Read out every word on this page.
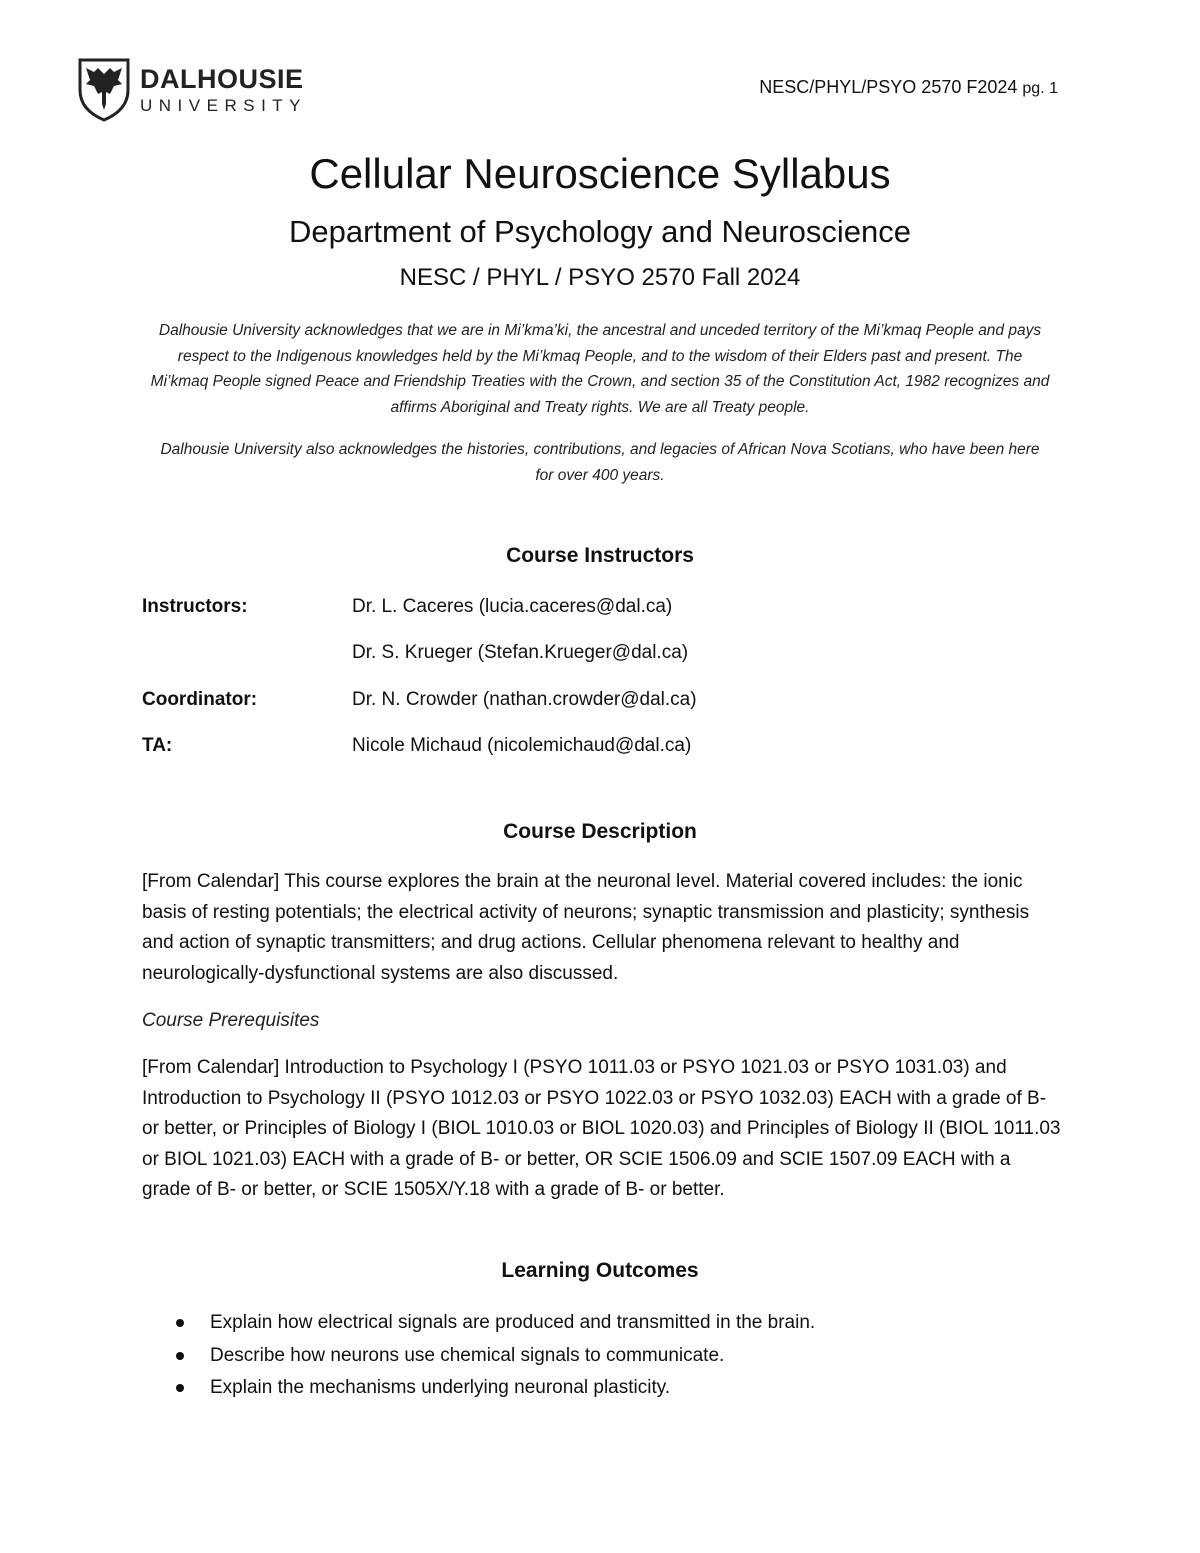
DALHOUSIE
UNIVERSITY
NESC/PHYL/PSYO 2570 F2024 pg. 1
Cellular Neuroscience Syllabus
Department of Psychology and Neuroscience
NESC / PHYL / PSYO 2570 Fall 2024
Dalhousie University acknowledges that we are in Mi’kma’ki, the ancestral and unceded territory of the Mi’kmaq People and pays respect to the Indigenous knowledges held by the Mi’kmaq People, and to the wisdom of their Elders past and present. The Mi’kmaq People signed Peace and Friendship Treaties with the Crown, and section 35 of the Constitution Act, 1982 recognizes and affirms Aboriginal and Treaty rights. We are all Treaty people.
Dalhousie University also acknowledges the histories, contributions, and legacies of African Nova Scotians, who have been here for over 400 years.
Course Instructors
Instructors:	Dr. L. Caceres (lucia.caceres@dal.ca)
Dr. S. Krueger (Stefan.Krueger@dal.ca)
Coordinator:	Dr. N. Crowder (nathan.crowder@dal.ca)
TA:	Nicole Michaud (nicolemichaud@dal.ca)
Course Description
[From Calendar] This course explores the brain at the neuronal level. Material covered includes: the ionic basis of resting potentials; the electrical activity of neurons; synaptic transmission and plasticity; synthesis and action of synaptic transmitters; and drug actions. Cellular phenomena relevant to healthy and neurologically-dysfunctional systems are also discussed.
Course Prerequisites
[From Calendar] Introduction to Psychology I (PSYO 1011.03 or PSYO 1021.03 or PSYO 1031.03) and Introduction to Psychology II (PSYO 1012.03 or PSYO 1022.03 or PSYO 1032.03) EACH with a grade of B- or better, or Principles of Biology I (BIOL 1010.03 or BIOL 1020.03) and Principles of Biology II (BIOL 1011.03 or BIOL 1021.03) EACH with a grade of B- or better, OR SCIE 1506.09 and SCIE 1507.09 EACH with a grade of B- or better, or SCIE 1505X/Y.18 with a grade of B- or better.
Learning Outcomes
Explain how electrical signals are produced and transmitted in the brain.
Describe how neurons use chemical signals to communicate.
Explain the mechanisms underlying neuronal plasticity.
